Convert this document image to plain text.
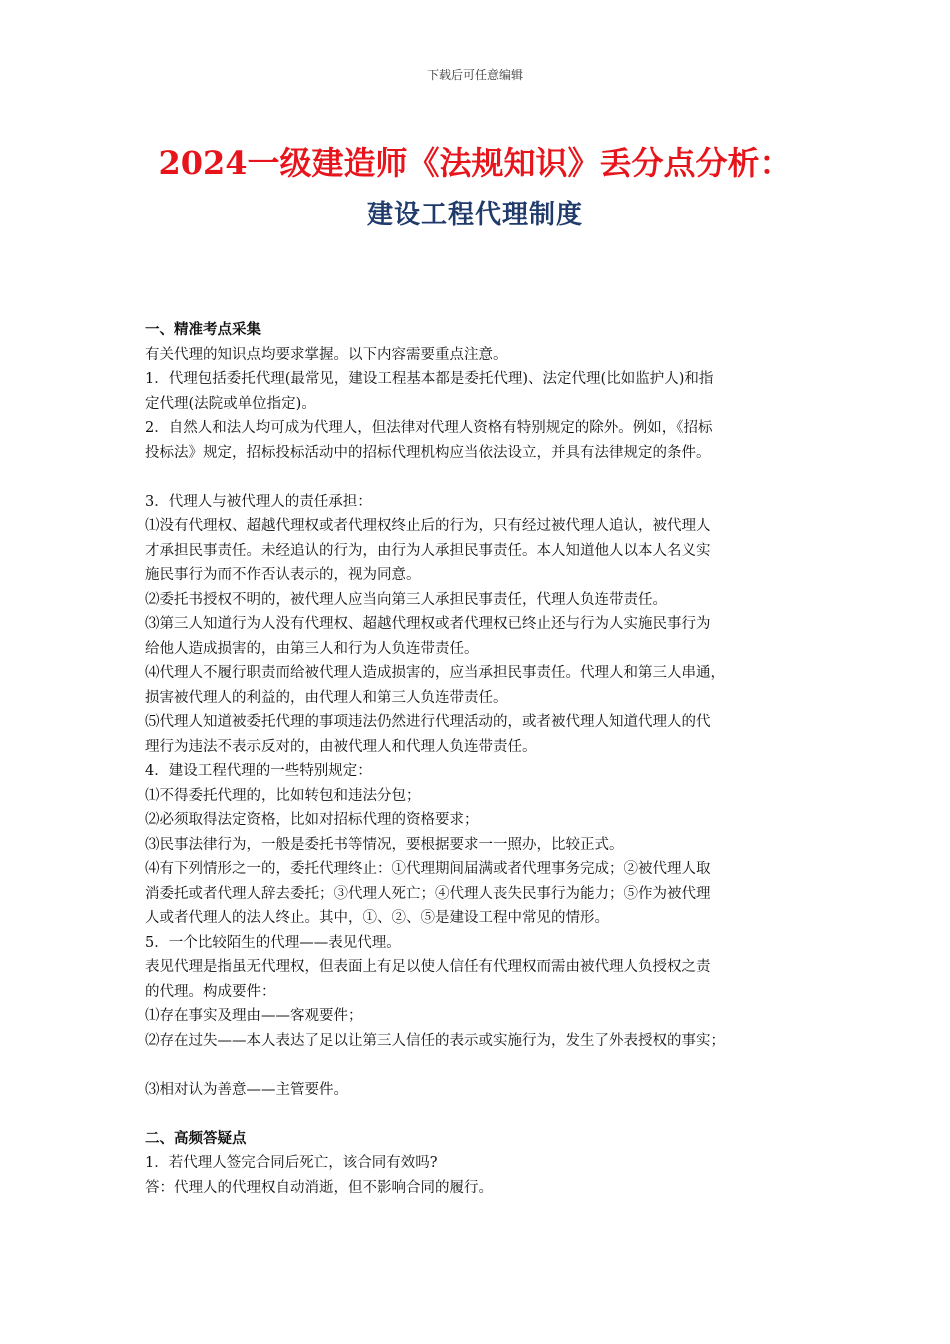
下载后可任意编辑
2024一级建造师《法规知识》丢分点分析：
建设工程代理制度
一、精准考点采集
有关代理的知识点均要求掌握。以下内容需要重点注意。
1．代理包括委托代理(最常见，建设工程基本都是委托代理)、法定代理(比如监护人)和指
定代理(法院或单位指定)。
2．自然人和法人均可成为代理人，但法律对代理人资格有特别规定的除外。例如，《招标
投标法》规定，招标投标活动中的招标代理机构应当依法设立，并具有法律规定的条件。
3．代理人与被代理人的责任承担：
⑴没有代理权、超越代理权或者代理权终止后的行为，只有经过被代理人追认，被代理人
才承担民事责任。未经追认的行为，由行为人承担民事责任。本人知道他人以本人名义实
施民事行为而不作否认表示的，视为同意。
⑵委托书授权不明的，被代理人应当向第三人承担民事责任，代理人负连带责任。
⑶第三人知道行为人没有代理权、超越代理权或者代理权已终止还与行为人实施民事行为
给他人造成损害的，由第三人和行为人负连带责任。
⑷代理人不履行职责而给被代理人造成损害的，应当承担民事责任。代理人和第三人串通，
损害被代理人的利益的，由代理人和第三人负连带责任。
⑸代理人知道被委托代理的事项违法仍然进行代理活动的，或者被代理人知道代理人的代
理行为违法不表示反对的，由被代理人和代理人负连带责任。
4．建设工程代理的一些特别规定：
⑴不得委托代理的，比如转包和违法分包；
⑵必须取得法定资格，比如对招标代理的资格要求；
⑶民事法律行为，一般是委托书等情况，要根据要求一一照办，比较正式。
⑷有下列情形之一的，委托代理终止：①代理期间届满或者代理事务完成；②被代理人取
消委托或者代理人辞去委托；③代理人死亡；④代理人丧失民事行为能力；⑤作为被代理
人或者代理人的法人终止。其中，①、②、⑤是建设工程中常见的情形。
5．一个比较陌生的代理——表见代理。
表见代理是指虽无代理权，但表面上有足以使人信任有代理权而需由被代理人负授权之责
的代理。构成要件：
⑴存在事实及理由——客观要件；
⑵存在过失——本人表达了足以让第三人信任的表示或实施行为，发生了外表授权的事实；
⑶相对认为善意——主管要件。
二、高频答疑点
1．若代理人签完合同后死亡，该合同有效吗?
答：代理人的代理权自动消逝，但不影响合同的履行。
